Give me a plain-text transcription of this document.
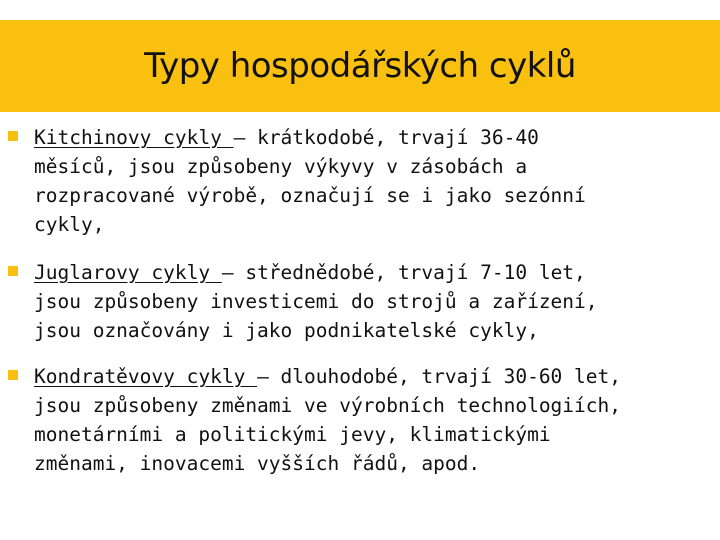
Typy hospodářských cyklů
Kitchinovy cykly – krátkodobé, trvají 36-40
měsíců, jsou způsobeny výkyvy v zásobách a
rozpracované výrobě, označují se i jako sezónní
cykly,
Juglarovy cykly – střednědobé, trvají 7-10 let,
jsou způsobeny investicemi do strojů a zařízení,
jsou označovány i jako podnikatelské cykly,
Kondratěvovy cykly – dlouhodobé, trvají 30-60 let,
jsou způsobeny změnami ve výrobních technologiích,
monetárními a politickými jevy, klimatickými
změnami, inovacemi vyšších řádů, apod.
